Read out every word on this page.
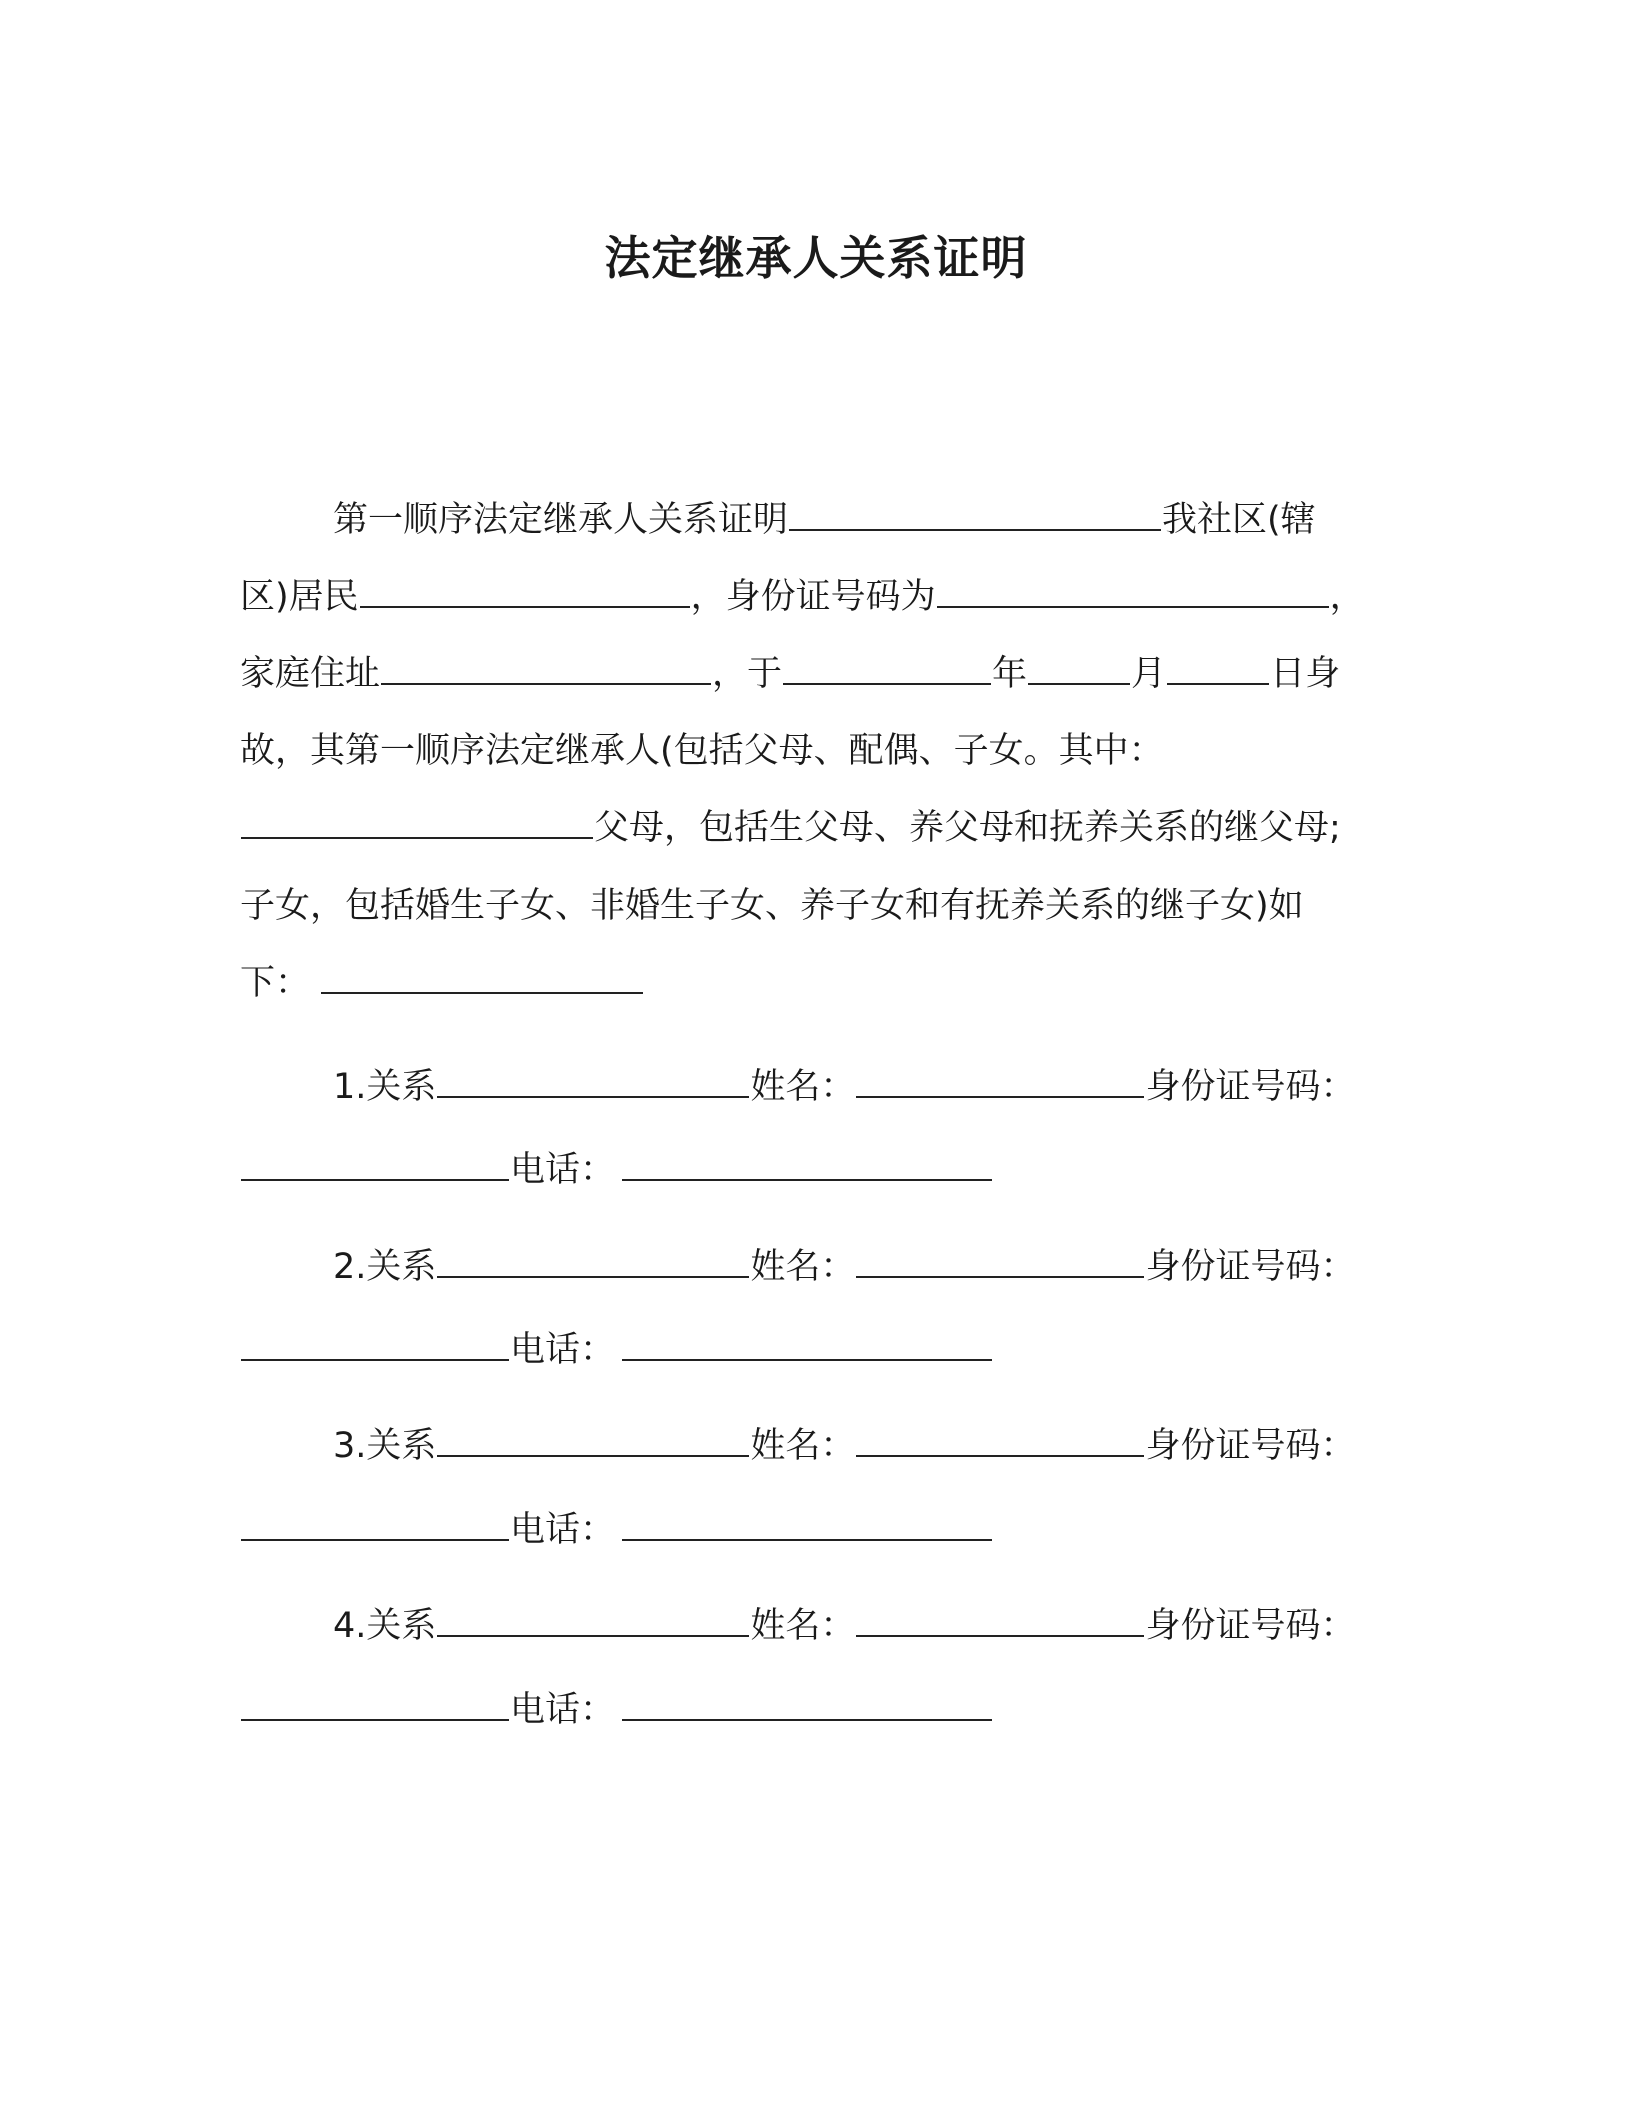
法定继承人关系证明
第一顺序法定继承人关系证明	我社区(辖
区)居民	，身份证号码为	，
家庭住址	，于	年	月	日身
故，其第一顺序法定继承人(包括父母、配偶、子女。其中：
父母，包括生父母、养父母和抚养关系的继父母;
子女，包括婚生子女、非婚生子女、养子女和有抚养关系的继子女)如
下：
1.关系	姓名：	身份证号码：
电话：
2.关系	姓名：	身份证号码：
电话：
3.关系	姓名：	身份证号码：
电话：
4.关系	姓名：	身份证号码：
电话：
